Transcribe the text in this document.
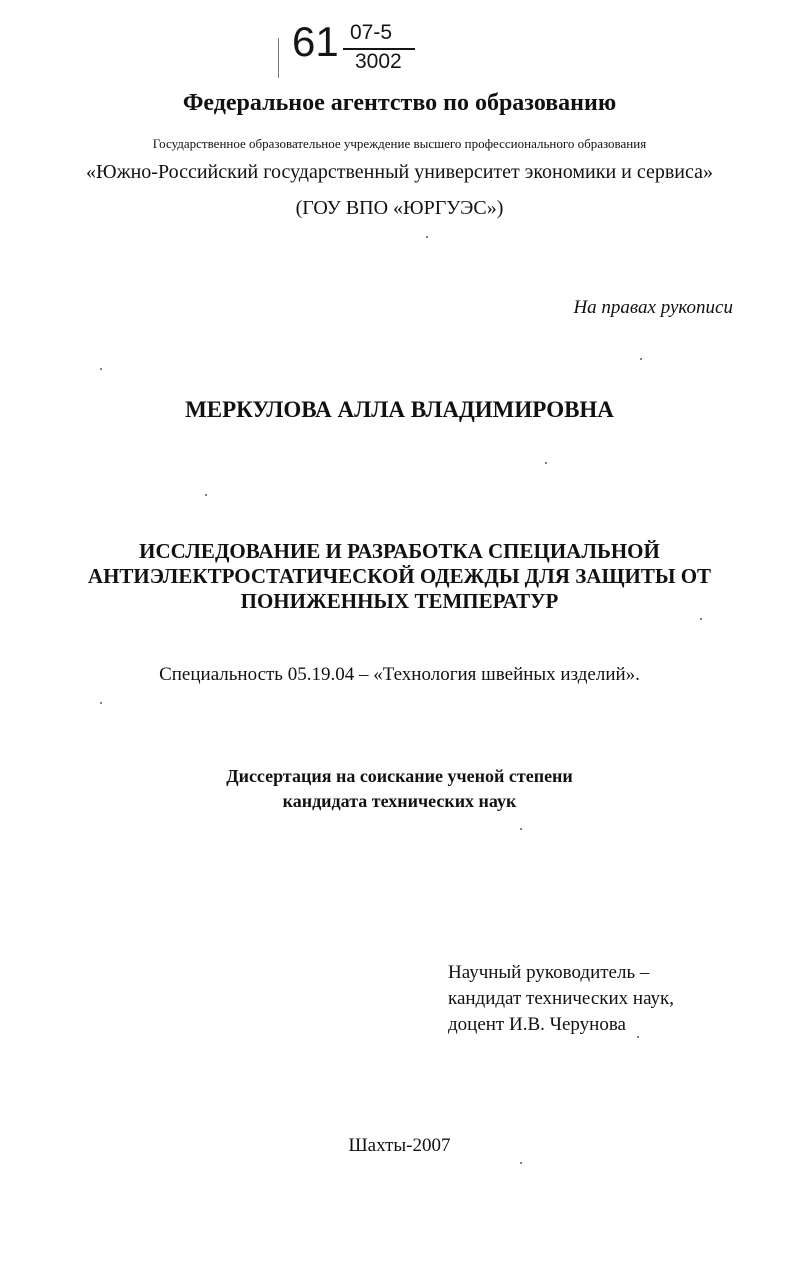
61 07-5
3002
Федеральное агентство по образованию
Государственное образовательное учреждение высшего профессионального образования
«Южно-Российский государственный университет экономики и сервиса»
(ГОУ ВПО «ЮРГУЭС»)
На правах рукописи
МЕРКУЛОВА АЛЛА ВЛАДИМИРОВНА
ИССЛЕДОВАНИЕ И РАЗРАБОТКА СПЕЦИАЛЬНОЙ
АНТИЭЛЕКТРОСТАТИЧЕСКОЙ ОДЕЖДЫ ДЛЯ ЗАЩИТЫ ОТ
ПОНИЖЕННЫХ ТЕМПЕРАТУР
Специальность 05.19.04 – «Технология швейных изделий».
Диссертация на соискание ученой степени
кандидата технических наук
Научный руководитель –
кандидат технических наук,
доцент И.В. Черунова
Шахты-2007
